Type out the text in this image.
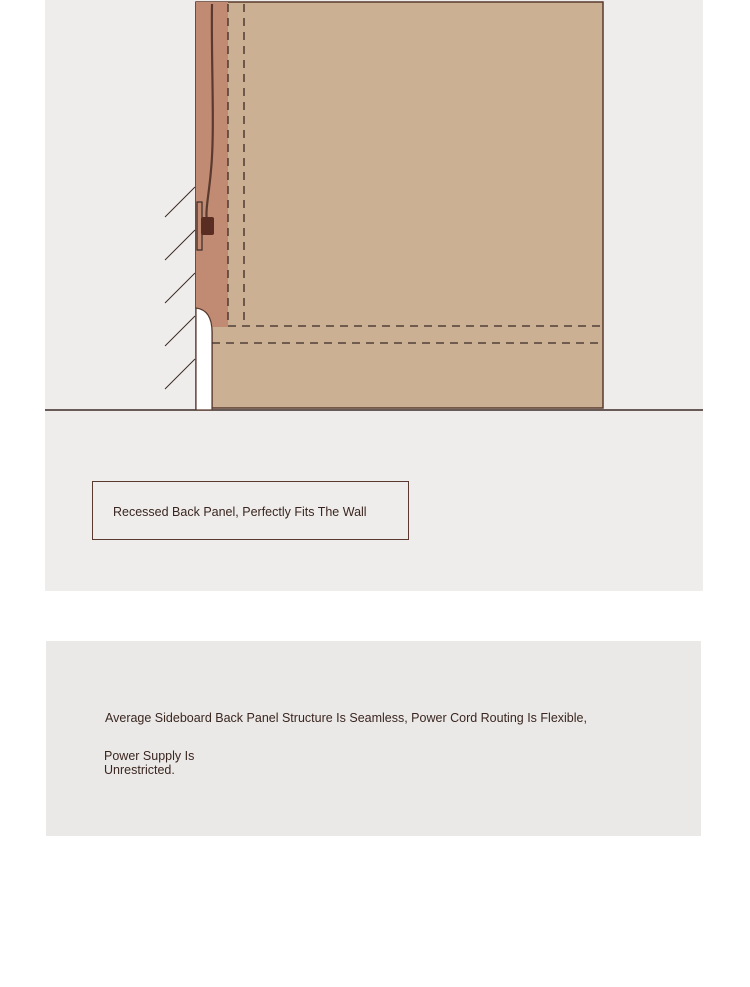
Recessed Back Panel, Perfectly Fits The Wall
Average Sideboard Back Panel Structure Is Seamless, Power Cord Routing Is Flexible,
Power Supply Is Unrestricted.
